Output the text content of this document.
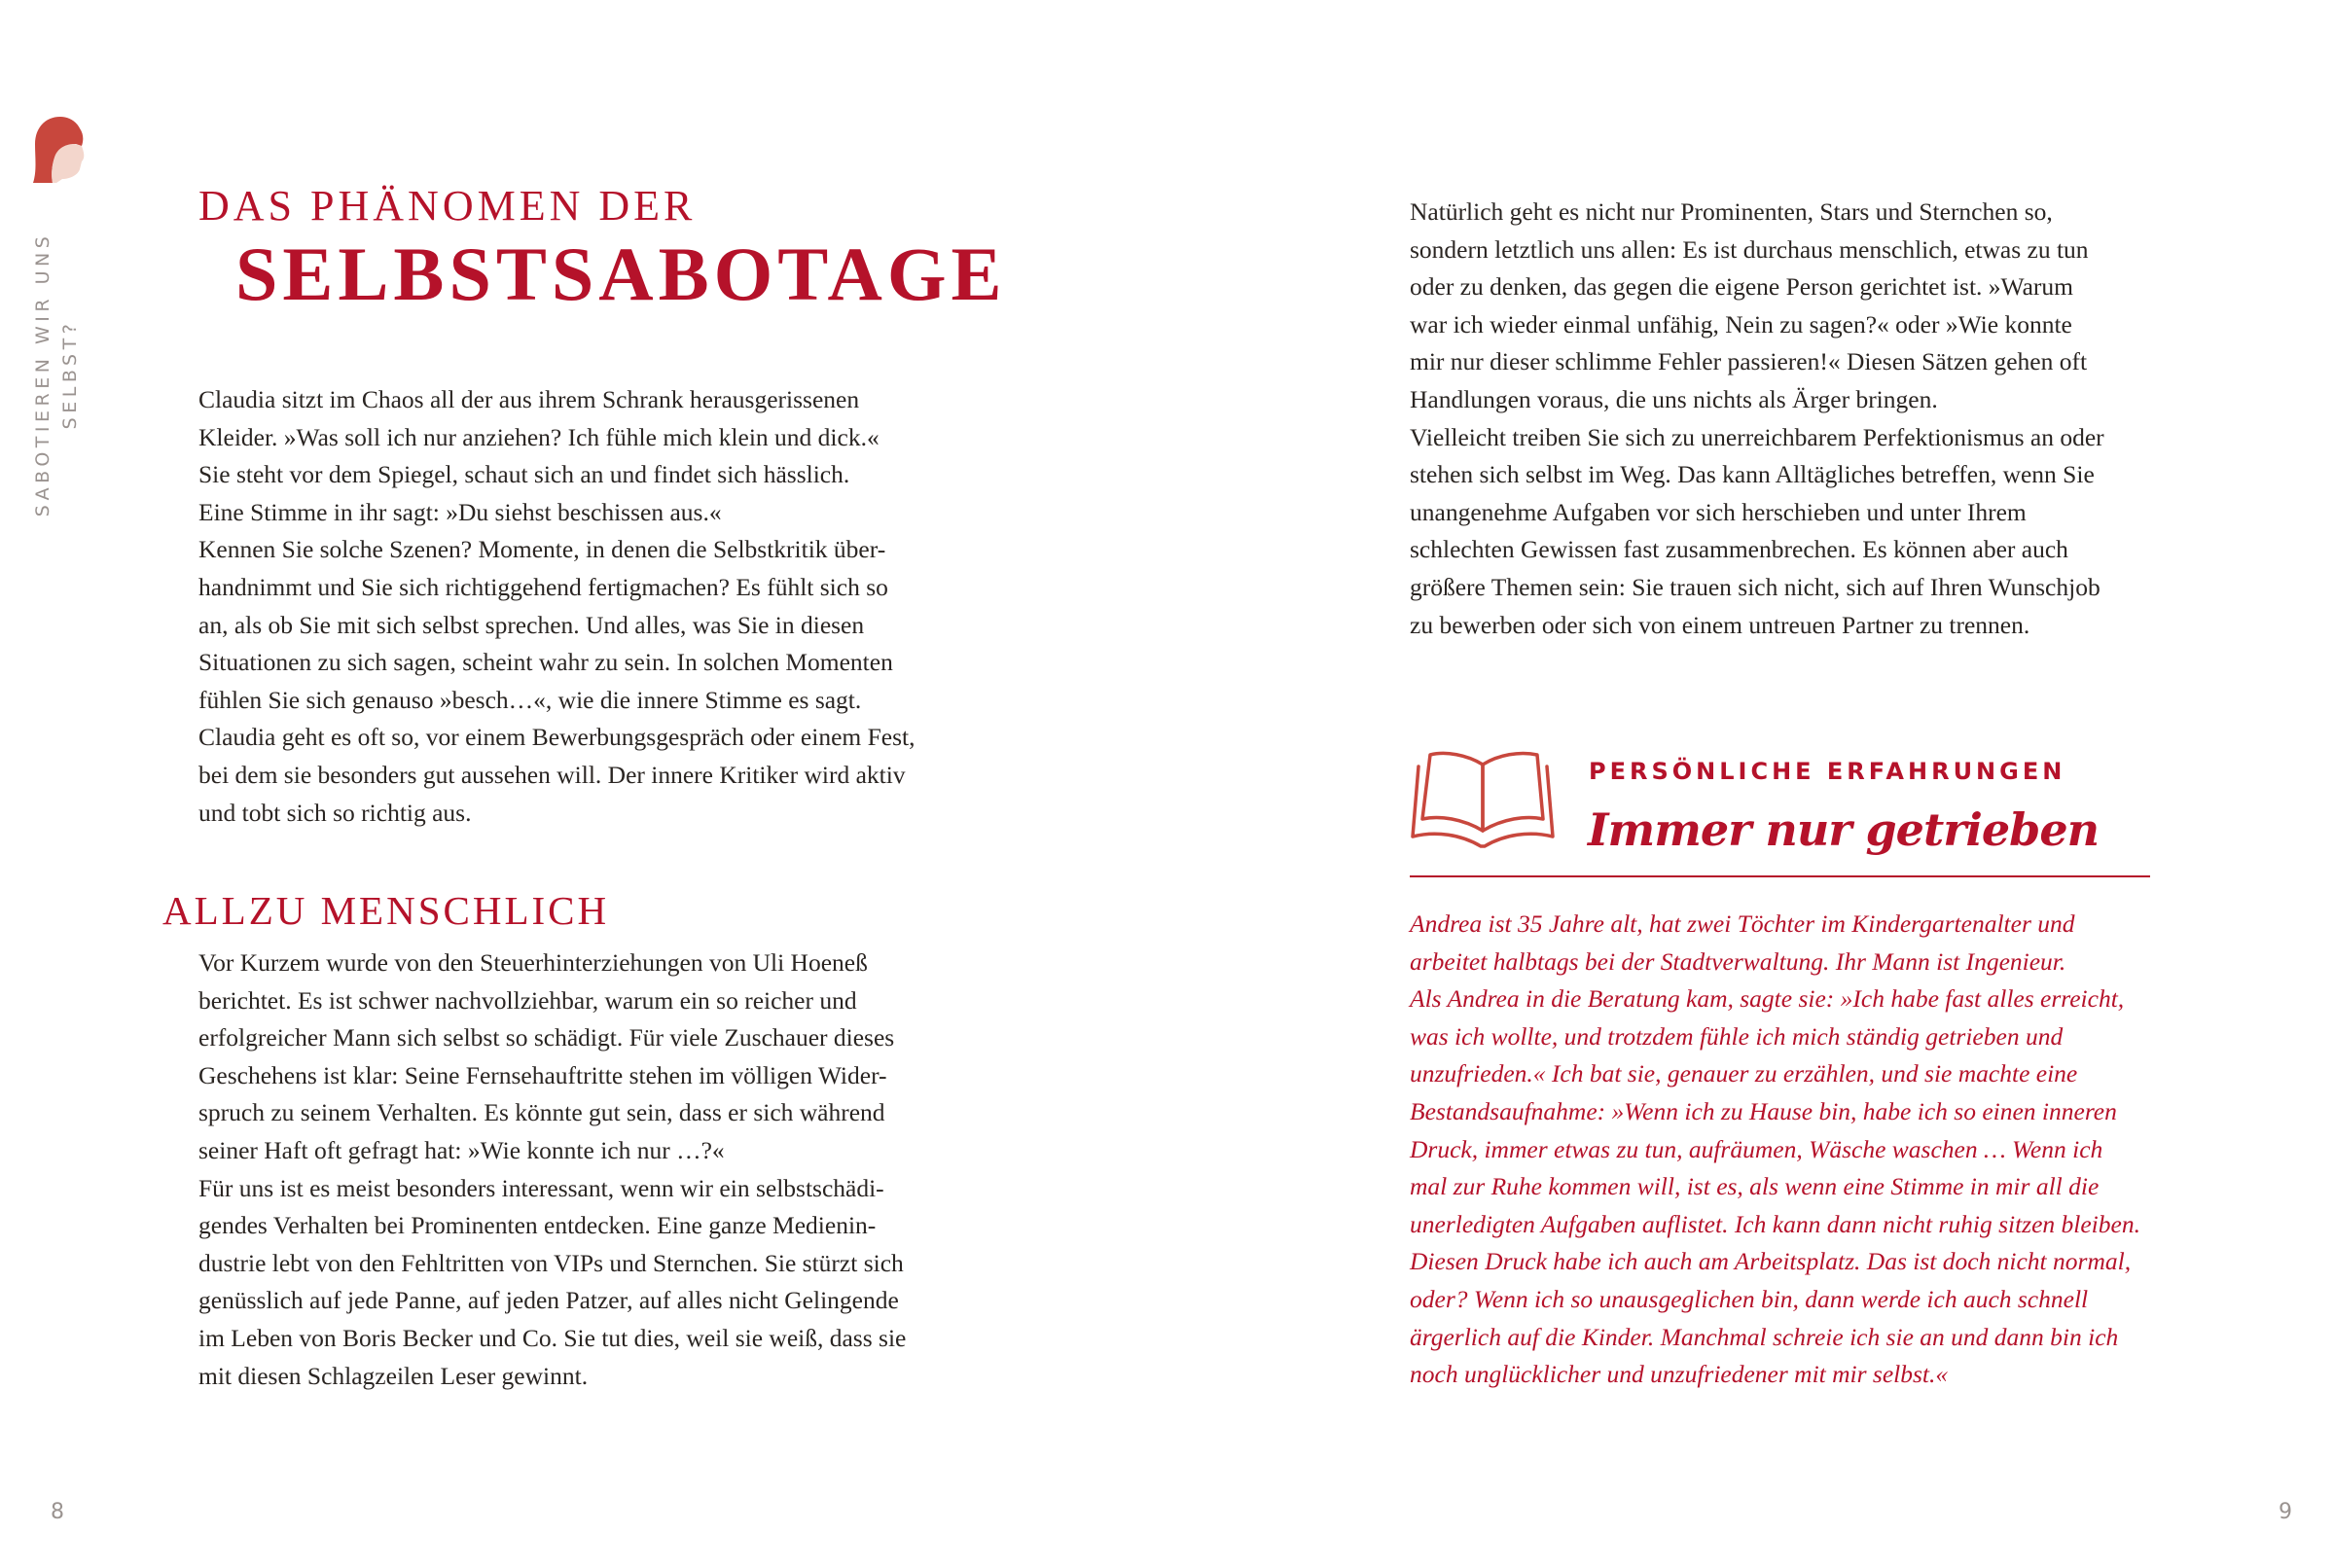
SABOTIEREN WIR UNS SELBST?
DAS PHÄNOMEN DER
SELBSTSABOTAGE

Claudia sitzt im Chaos all der aus ihrem Schrank herausgerissenen

Kleider. »Was soll ich nur anziehen? Ich fühle mich klein und dick.«

Sie steht vor dem Spiegel, schaut sich an und findet sich hässlich.

Eine Stimme in ihr sagt: »Du siehst beschissen aus.«

Kennen Sie solche Szenen? Momente, in denen die Selbstkritik über-

handnimmt und Sie sich richtiggehend fertigmachen? Es fühlt sich so

an, als ob Sie mit sich selbst sprechen. Und alles, was Sie in diesen

Situationen zu sich sagen, scheint wahr zu sein. In solchen Momenten

fühlen Sie sich genauso »besch…«, wie die innere Stimme es sagt.

Claudia geht es oft so, vor einem Bewerbungsgespräch oder einem Fest,

bei dem sie besonders gut aussehen will. Der innere Kritiker wird aktiv

und tobt sich so richtig aus.

ALLZU MENSCHLICH

Vor Kurzem wurde von den Steuerhinterziehungen von Uli Hoeneß

berichtet. Es ist schwer nachvollziehbar, warum ein so reicher und

erfolgreicher Mann sich selbst so schädigt. Für viele Zuschauer dieses

Geschehens ist klar: Seine Fernsehauftritte stehen im völligen Wider-

spruch zu seinem Verhalten. Es könnte gut sein, dass er sich während

seiner Haft oft gefragt hat: »Wie konnte ich nur …?«

Für uns ist es meist besonders interessant, wenn wir ein selbstschädi-

gendes Verhalten bei Prominenten entdecken. Eine ganze Medienin-

dustrie lebt von den Fehltritten von VIPs und Sternchen. Sie stürzt sich

genüsslich auf jede Panne, auf jeden Patzer, auf alles nicht Gelingende

im Leben von Boris Becker und Co. Sie tut dies, weil sie weiß, dass sie

mit diesen Schlagzeilen Leser gewinnt.

8

Natürlich geht es nicht nur Prominenten, Stars und Sternchen so,

sondern letztlich uns allen: Es ist durchaus menschlich, etwas zu tun

oder zu denken, das gegen die eigene Person gerichtet ist. »Warum

war ich wieder einmal unfähig, Nein zu sagen?« oder »Wie konnte

mir nur dieser schlimme Fehler passieren!« Diesen Sätzen gehen oft

Handlungen voraus, die uns nichts als Ärger bringen.

Vielleicht treiben Sie sich zu unerreichbarem Perfektionismus an oder

stehen sich selbst im Weg. Das kann Alltägliches betreffen, wenn Sie

unangenehme Aufgaben vor sich herschieben und unter Ihrem

schlechten Gewissen fast zusammenbrechen. Es können aber auch

größere Themen sein: Sie trauen sich nicht, sich auf Ihren Wunschjob

zu bewerben oder sich von einem untreuen Partner zu trennen.

PERSÖNLICHE ERFAHRUNGEN
Immer nur getrieben

Andrea ist 35 Jahre alt, hat zwei Töchter im Kindergartenalter und

arbeitet halbtags bei der Stadtverwaltung. Ihr Mann ist Ingenieur.

Als Andrea in die Beratung kam, sagte sie: »Ich habe fast alles erreicht,

was ich wollte, und trotzdem fühle ich mich ständig getrieben und

unzufrieden.« Ich bat sie, genauer zu erzählen, und sie machte eine

Bestandsaufnahme: »Wenn ich zu Hause bin, habe ich so einen inneren

Druck, immer etwas zu tun, aufräumen, Wäsche waschen … Wenn ich

mal zur Ruhe kommen will, ist es, als wenn eine Stimme in mir all die

unerledigten Aufgaben auflistet. Ich kann dann nicht ruhig sitzen bleiben.

Diesen Druck habe ich auch am Arbeitsplatz. Das ist doch nicht normal,

oder? Wenn ich so unausgeglichen bin, dann werde ich auch schnell

ärgerlich auf die Kinder. Manchmal schreie ich sie an und dann bin ich

noch unglücklicher und unzufriedener mit mir selbst.«

9
